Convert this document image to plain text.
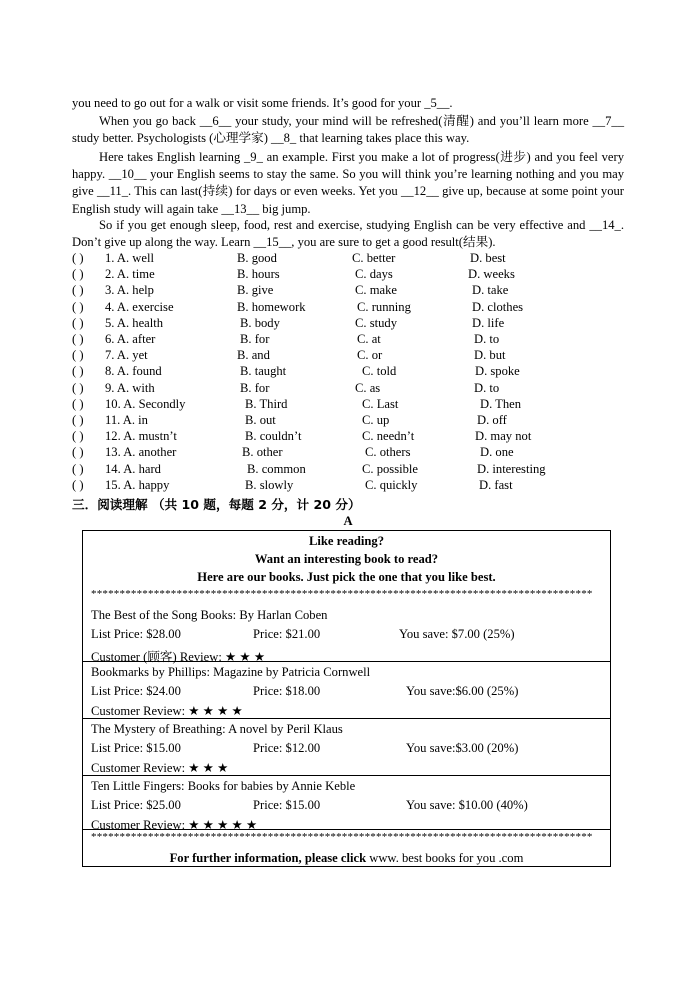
you need to go out for a walk or visit some friends. It’s good for your _5__.

When you go back __6__ your study, your mind will be refreshed(清醒) and you’ll learn more __7__ study better. Psychologists (心理学家) __8_ that learning takes place this way.

Here takes English learning _9_ an example. First you make a lot of progress(进步) and you feel very happy. __10__ your English seems to stay the same. So you will think you’re learning nothing and you may give __11_. This can last(持续) for days or even weeks. Yet you __12__ give up, because at some point your English study will again take __13__ big jump.

So if you get enough sleep, food, rest and exercise, studying English can be very effective and __14_. Don’t give up along the way. Learn __15__, you are sure to get a good result(结果).

( ) 1. A. well	B. good	C. better	D. best
( ) 2. A. time	B. hours	C. days	D. weeks
( ) 3. A. help	B. give	C. make	D. take
( ) 4. A. exercise	B. homework	C. running	D. clothes
( ) 5. A. health	B. body	C. study	D. life
( ) 6. A. after	B. for	C. at	D. to
( ) 7. A. yet	B. and	C. or	D. but
( ) 8. A. found	B. taught	C. told	D. spoke
( ) 9. A. with	B. for	C. as	D. to
( ) 10. A. Secondly	B. Third	C. Last	D. Then
( ) 11. A. in	B. out	C. up	D. off
( ) 12. A. mustn’t	B. couldn’t	C. needn’t	D. may not
( ) 13. A. another	B. other	C. others	D. one
( ) 14. A. hard	B. common	C. possible	D. interesting
( ) 15. A. happy	B. slowly	C. quickly	D. fast
三．阅读理解 （共 10 题，每题 2 分，计 20 分）
A
Like reading?
Want an interesting book to read?
Here are our books. Just pick the one that you like best.
****************************************************************************************
The Best of the Song Books: By Harlan Coben
List Price: $28.00	Price: $21.00	You save: $7.00 (25%)
Customer (顾客) Review: ★ ★ ★
Bookmarks by Phillips: Magazine by Patricia Cornwell
List Price: $24.00	Price: $18.00	You save:$6.00 (25%)
Customer Review: ★ ★ ★ ★
The Mystery of Breathing: A novel by Peril Klaus
List Price: $15.00	Price: $12.00	You save:$3.00 (20%)
Customer Review: ★ ★ ★
Ten Little Fingers: Books for babies by Annie Keble
List Price: $25.00	Price: $15.00	You save: $10.00 (40%)
Customer Review: ★ ★ ★ ★ ★
****************************************************************************************
For further information, please click www. best books for you .com
